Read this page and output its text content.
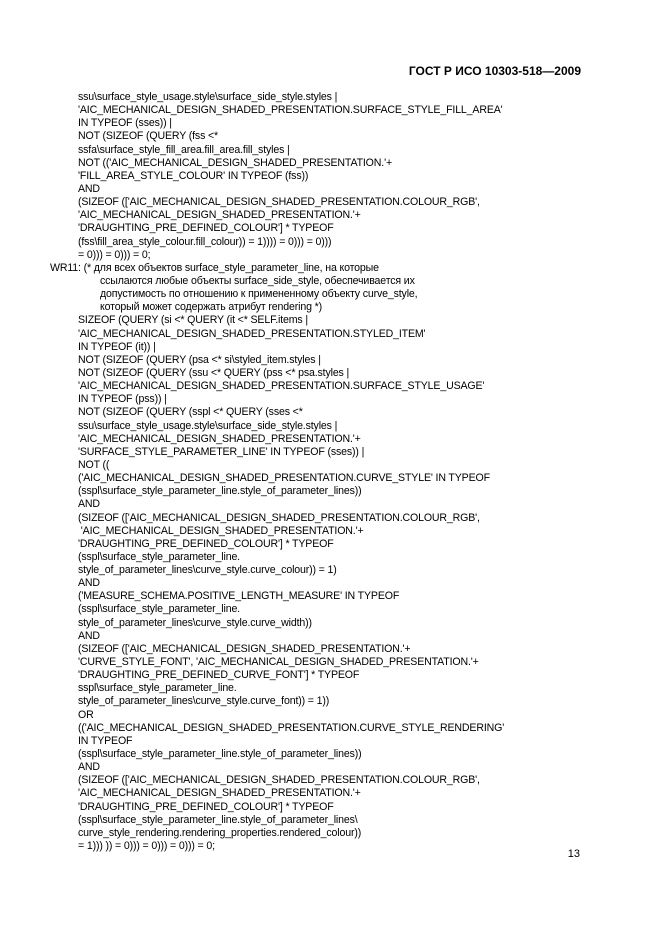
ГОСТ Р ИСО 10303-518—2009
ssu\surface_style_usage.style\surface_side_style.styles |
'AIC_MECHANICAL_DESIGN_SHADED_PRESENTATION.SURFACE_STYLE_FILL_AREA'
IN TYPEOF (sses)) |
NOT (SIZEOF (QUERY (fss <*
ssfa\surface_style_fill_area.fill_area.fill_styles |
NOT (('AIC_MECHANICAL_DESIGN_SHADED_PRESENTATION.'+
'FILL_AREA_STYLE_COLOUR' IN TYPEOF (fss))
AND
(SIZEOF (['AIC_MECHANICAL_DESIGN_SHADED_PRESENTATION.COLOUR_RGB',
'AIC_MECHANICAL_DESIGN_SHADED_PRESENTATION.'+
'DRAUGHTING_PRE_DEFINED_COLOUR'] * TYPEOF
(fss\fill_area_style_colour.fill_colour)) = 1)))) = 0))) = 0)))
= 0))) = 0))) = 0;
WR11: (* для всех объектов surface_style_parameter_line, на которые
ссылаются любые объекты surface_side_style, обеспечивается их
допустимость по отношению к примененному объекту curve_style,
который может содержать атрибут rendering *)
SIZEOF (QUERY (si <* QUERY (it <* SELF.items |
'AIC_MECHANICAL_DESIGN_SHADED_PRESENTATION.STYLED_ITEM'
IN TYPEOF (it)) |
NOT (SIZEOF (QUERY (psa <* si\styled_item.styles |
NOT (SIZEOF (QUERY (ssu <* QUERY (pss <* psa.styles |
'AIC_MECHANICAL_DESIGN_SHADED_PRESENTATION.SURFACE_STYLE_USAGE'
IN TYPEOF (pss)) |
NOT (SIZEOF (QUERY (sspl <* QUERY (sses <*
ssu\surface_style_usage.style\surface_side_style.styles |
'AIC_MECHANICAL_DESIGN_SHADED_PRESENTATION.'+
'SURFACE_STYLE_PARAMETER_LINE' IN TYPEOF (sses)) |
NOT ((
('AIC_MECHANICAL_DESIGN_SHADED_PRESENTATION.CURVE_STYLE' IN TYPEOF
(sspl\surface_style_parameter_line.style_of_parameter_lines))
AND
(SIZEOF (['AIC_MECHANICAL_DESIGN_SHADED_PRESENTATION.COLOUR_RGB',
'AIC_MECHANICAL_DESIGN_SHADED_PRESENTATION.'+
'DRAUGHTING_PRE_DEFINED_COLOUR'] * TYPEOF
(sspl\surface_style_parameter_line.
style_of_parameter_lines\curve_style.curve_colour)) = 1)
AND
('MEASURE_SCHEMA.POSITIVE_LENGTH_MEASURE' IN TYPEOF
(sspl\surface_style_parameter_line.
style_of_parameter_lines\curve_style.curve_width))
AND
(SIZEOF (['AIC_MECHANICAL_DESIGN_SHADED_PRESENTATION.'+
'CURVE_STYLE_FONT', 'AIC_MECHANICAL_DESIGN_SHADED_PRESENTATION.'+
'DRAUGHTING_PRE_DEFINED_CURVE_FONT'] * TYPEOF
sspl\surface_style_parameter_line.
style_of_parameter_lines\curve_style.curve_font)) = 1))
OR
(('AIC_MECHANICAL_DESIGN_SHADED_PRESENTATION.CURVE_STYLE_RENDERING'
IN TYPEOF
(sspl\surface_style_parameter_line.style_of_parameter_lines))
AND
(SIZEOF (['AIC_MECHANICAL_DESIGN_SHADED_PRESENTATION.COLOUR_RGB',
'AIC_MECHANICAL_DESIGN_SHADED_PRESENTATION.'+
'DRAUGHTING_PRE_DEFINED_COLOUR'] * TYPEOF
(sspl\surface_style_parameter_line.style_of_parameter_lines\
curve_style_rendering.rendering_properties.rendered_colour))
= 1))) )) = 0))) = 0))) = 0))) = 0;
13
